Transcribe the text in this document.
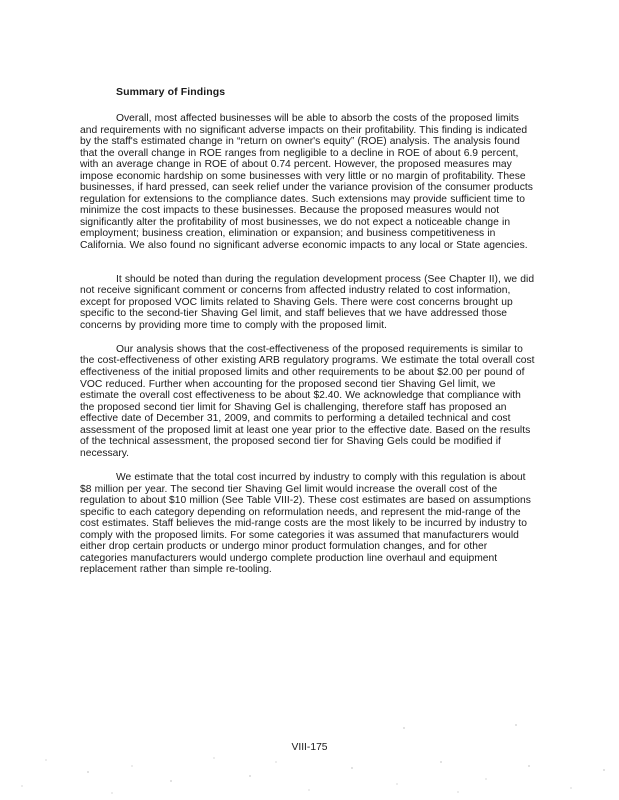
Summary of Findings

Overall, most affected businesses will be able to absorb the costs of the proposed limits and requirements with no significant adverse impacts on their profitability. This finding is indicated by the staff's estimated change in “return on owner's equity” (ROE) analysis. The analysis found that the overall change in ROE ranges from negligible to a decline in ROE of about 6.9 percent, with an average change in ROE of about 0.74 percent. However, the proposed measures may impose economic hardship on some businesses with very little or no margin of profitability. These businesses, if hard pressed, can seek relief under the variance provision of the consumer products regulation for extensions to the compliance dates. Such extensions may provide sufficient time to minimize the cost impacts to these businesses. Because the proposed measures would not significantly alter the profitability of most businesses, we do not expect a noticeable change in employment; business creation, elimination or expansion; and business competitiveness in California. We also found no significant adverse economic impacts to any local or State agencies.

It should be noted than during the regulation development process (See Chapter II), we did not receive significant comment or concerns from affected industry related to cost information, except for proposed VOC limits related to Shaving Gels. There were cost concerns brought up specific to the second-tier Shaving Gel limit, and staff believes that we have addressed those concerns by providing more time to comply with the proposed limit.

Our analysis shows that the cost-effectiveness of the proposed requirements is similar to the cost-effectiveness of other existing ARB regulatory programs. We estimate the total overall cost effectiveness of the initial proposed limits and other requirements to be about $2.00 per pound of VOC reduced. Further when accounting for the proposed second tier Shaving Gel limit, we estimate the overall cost effectiveness to be about $2.40. We acknowledge that compliance with the proposed second tier limit for Shaving Gel is challenging, therefore staff has proposed an effective date of December 31, 2009, and commits to performing a detailed technical and cost assessment of the proposed limit at least one year prior to the effective date. Based on the results of the technical assessment, the proposed second tier for Shaving Gels could be modified if necessary.

We estimate that the total cost incurred by industry to comply with this regulation is about $8 million per year. The second tier Shaving Gel limit would increase the overall cost of the regulation to about $10 million (See Table VIII-2). These cost estimates are based on assumptions specific to each category depending on reformulation needs, and represent the mid-range of the cost estimates. Staff believes the mid-range costs are the most likely to be incurred by industry to comply with the proposed limits. For some categories it was assumed that manufacturers would either drop certain products or undergo minor product formulation changes, and for other categories manufacturers would undergo complete production line overhaul and equipment replacement rather than simple re-tooling.

VIII-175
